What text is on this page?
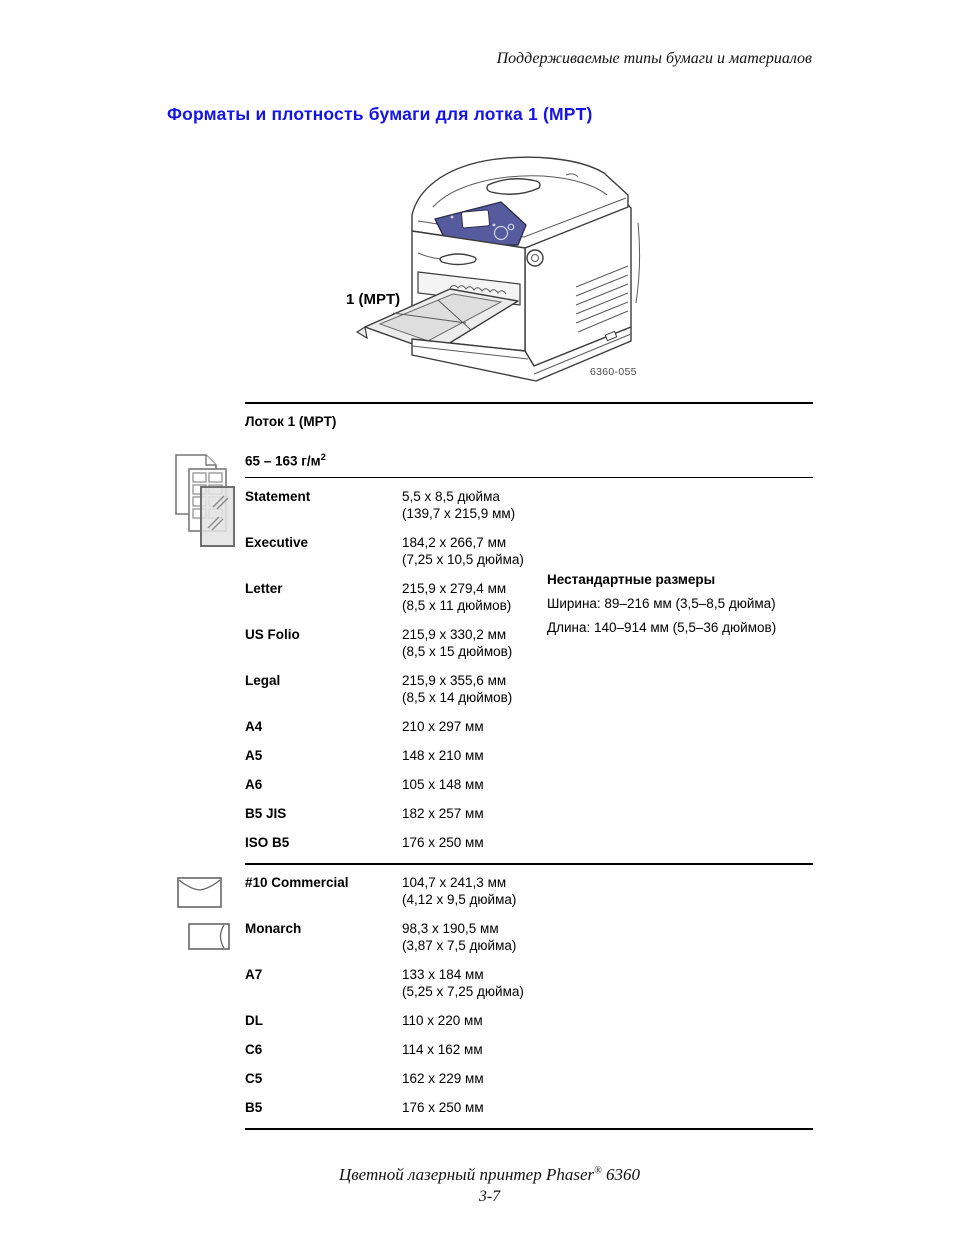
Поддерживаемые типы бумаги и материалов
Форматы и плотность бумаги для лотка 1 (MPT)
1 (MPT)
6360-055
Лоток 1 (MPT)
65 – 163 $г/м^2$
Нестандартные размеры
Ширина: 89–216 мм (3,5–8,5 дюйма)
Длина: 140–914 мм (5,5–36 дюймов)
Statement	5,5 x 8,5 дюйма
(139,7 x 215,9 мм)
Executive	184,2 x 266,7 мм
(7,25 x 10,5 дюйма)
Letter	215,9 x 279,4 мм
(8,5 x 11 дюймов)
US Folio	215,9 x 330,2 мм
(8,5 x 15 дюймов)
Legal	215,9 x 355,6 мм
(8,5 x 14 дюймов)
A4	210 x 297 мм
A5	148 x 210 мм
A6	105 x 148 мм
B5 JIS	182 x 257 мм
ISO B5	176 x 250 мм
#10 Commercial	104,7 x 241,3 мм
(4,12 x 9,5 дюйма)
Monarch	98,3 x 190,5 мм
(3,87 x 7,5 дюйма)
A7	133 x 184 мм
(5,25 x 7,25 дюйма)
DL	110 x 220 мм
C6	114 x 162 мм
C5	162 x 229 мм
B5	176 x 250 мм
Цветной лазерный принтер Phaser® 6360
3-7
